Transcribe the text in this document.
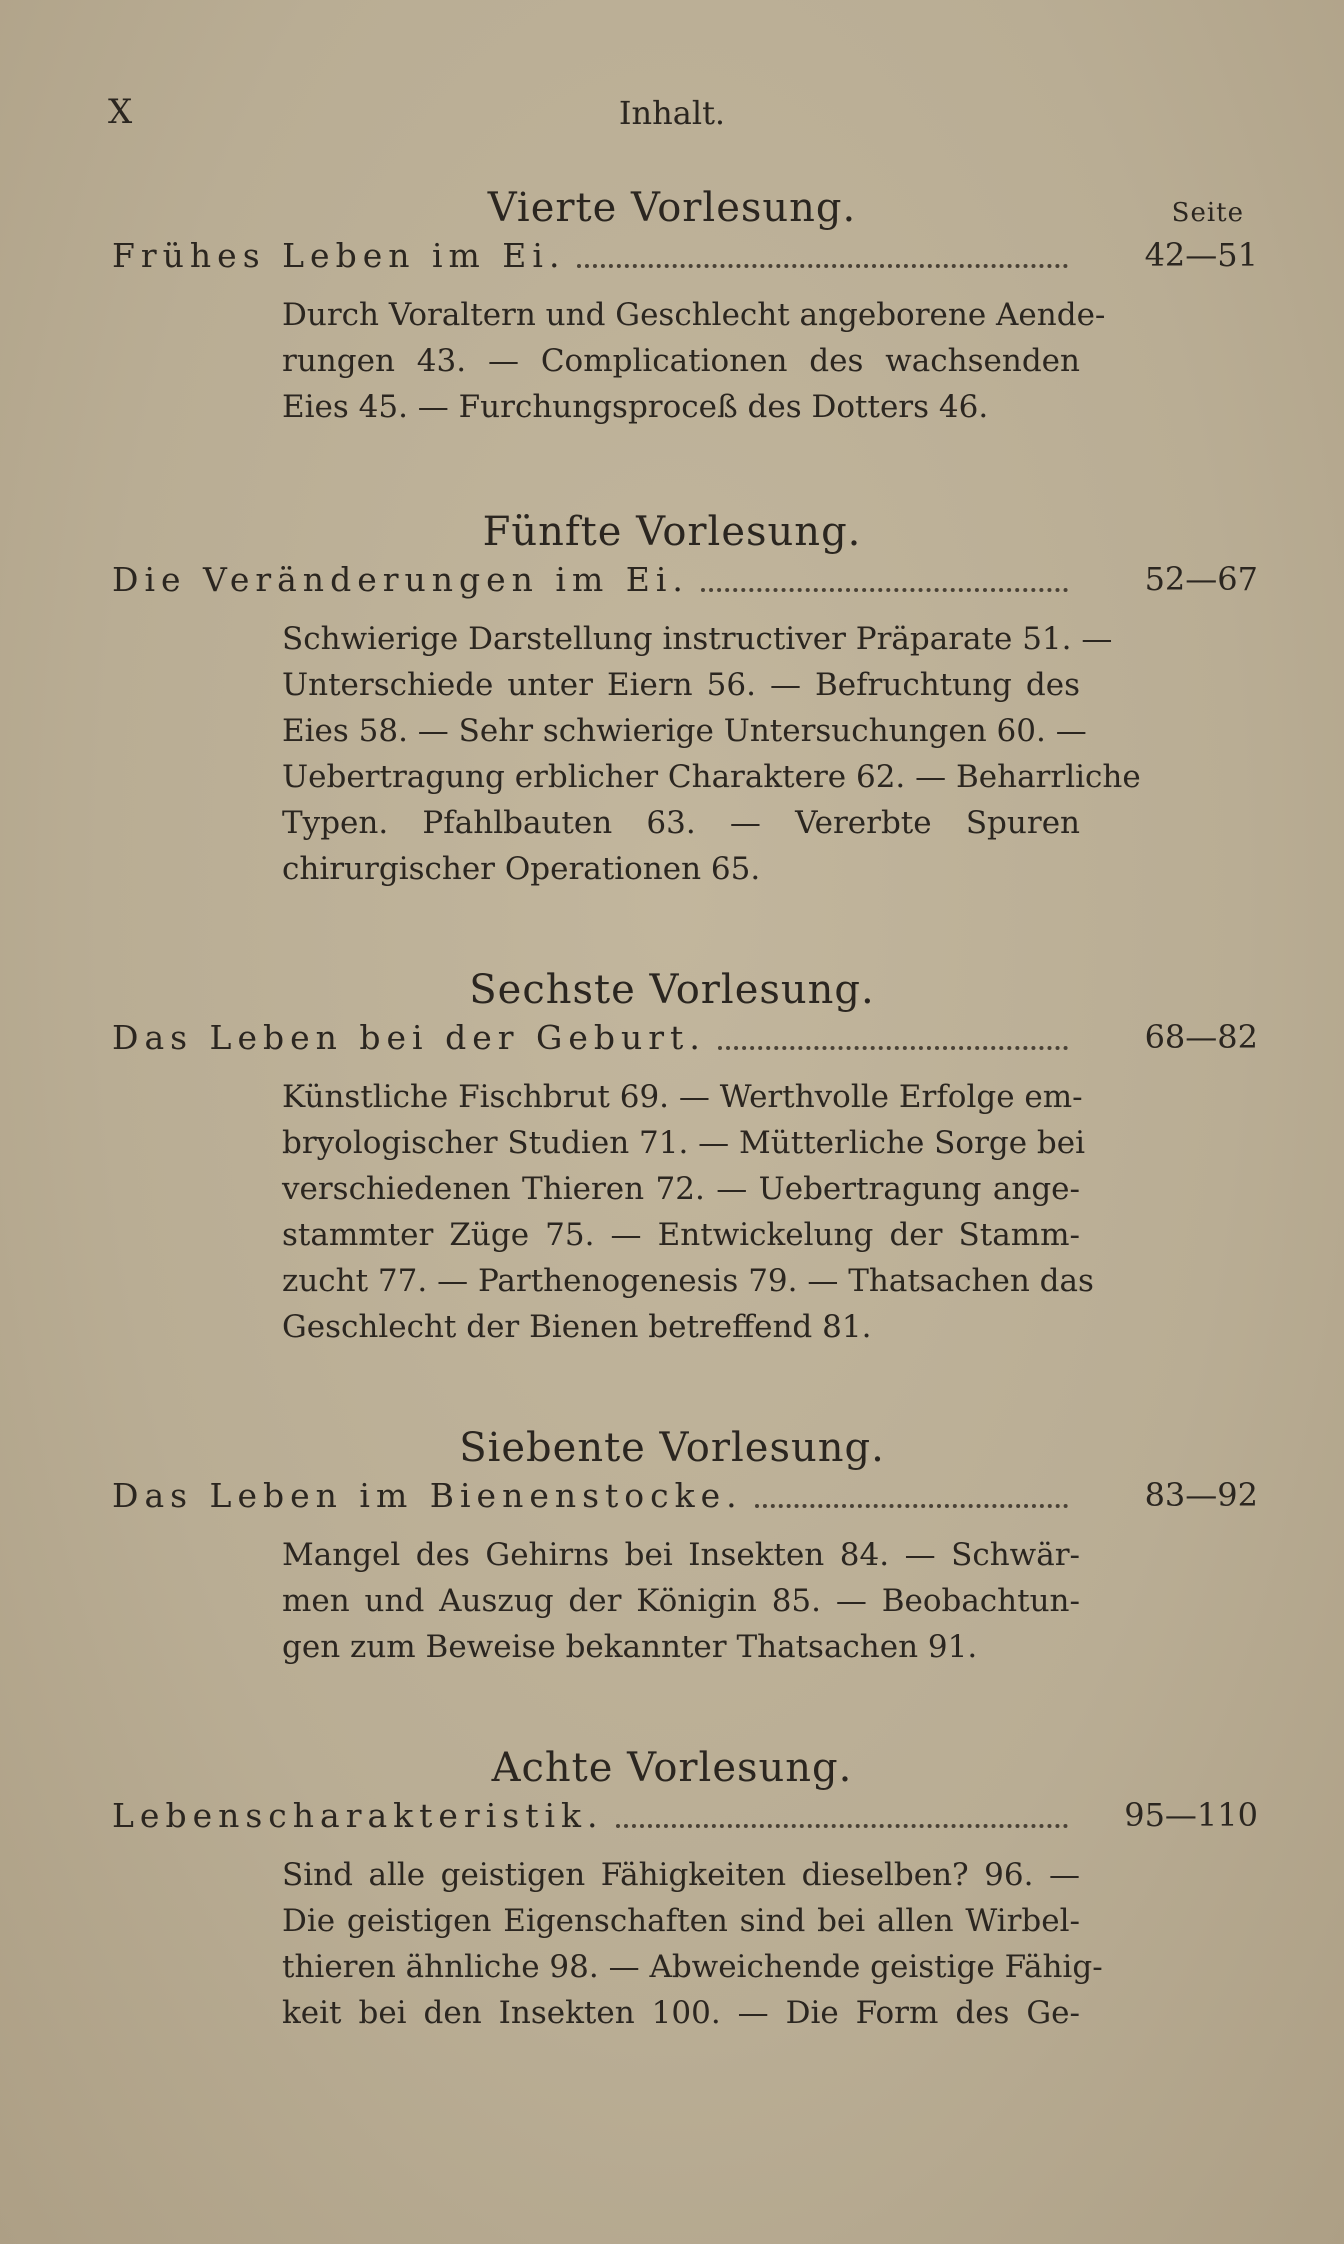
X	Inhalt.
Vierte Vorlesung.	Seite
Frühes Leben im Ei.	42—51
Durch Voraltern und Geschlecht angeborene Aende-
rungen 43. — Complicationen des wachsenden
Eies 45. — Furchungsproceß des Dotters 46.
Fünfte Vorlesung.
Die Veränderungen im Ei.	52—67
Schwierige Darstellung instructiver Präparate 51. —
Unterschiede unter Eiern 56. — Befruchtung des
Eies 58. — Sehr schwierige Untersuchungen 60. —
Uebertragung erblicher Charaktere 62. — Beharrliche
Typen. Pfahlbauten 63. — Vererbte Spuren
chirurgischer Operationen 65.
Sechste Vorlesung.
Das Leben bei der Geburt.	68—82
Künstliche Fischbrut 69. — Werthvolle Erfolge em-
bryologischer Studien 71. — Mütterliche Sorge bei
verschiedenen Thieren 72. — Uebertragung ange-
stammter Züge 75. — Entwickelung der Stamm-
zucht 77. — Parthenogenesis 79. — Thatsachen das
Geschlecht der Bienen betreffend 81.
Siebente Vorlesung.
Das Leben im Bienenstocke.	83—92
Mangel des Gehirns bei Insekten 84. — Schwär-
men und Auszug der Königin 85. — Beobachtun-
gen zum Beweise bekannter Thatsachen 91.
Achte Vorlesung.
Lebenscharakteristik.	95—110
Sind alle geistigen Fähigkeiten dieselben? 96. —
Die geistigen Eigenschaften sind bei allen Wirbel-
thieren ähnliche 98. — Abweichende geistige Fähig-
keit bei den Insekten 100. — Die Form des Ge-
